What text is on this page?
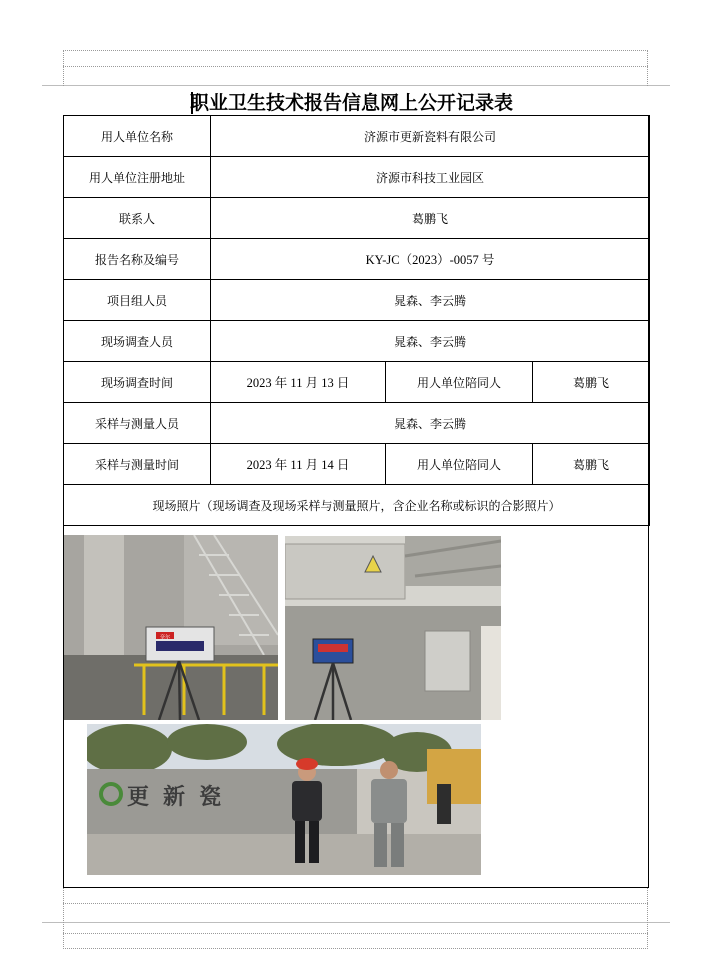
职业卫生技术报告信息网上公开记录表
用人单位名称	济源市更新瓷料有限公司		
用人单位注册地址	济源市科技工业园区		
联系人	葛鹏飞		
报告名称及编号	KY-JC（2023）-0057 号		
项目组人员	晁森、李云腾		
现场调查人员	晁森、李云腾		
现场调查时间	2023 年 11 月 13 日	用人单位陪同人	葛鹏飞
采样与测量人员	晁森、李云腾		
采样与测量时间	2023 年 11 月 14 日	用人单位陪同人	葛鹏飞
现场照片（现场调查及现场采样与测量照片，含企业名称或标识的合影照片）			
奈尔
更新瓷
